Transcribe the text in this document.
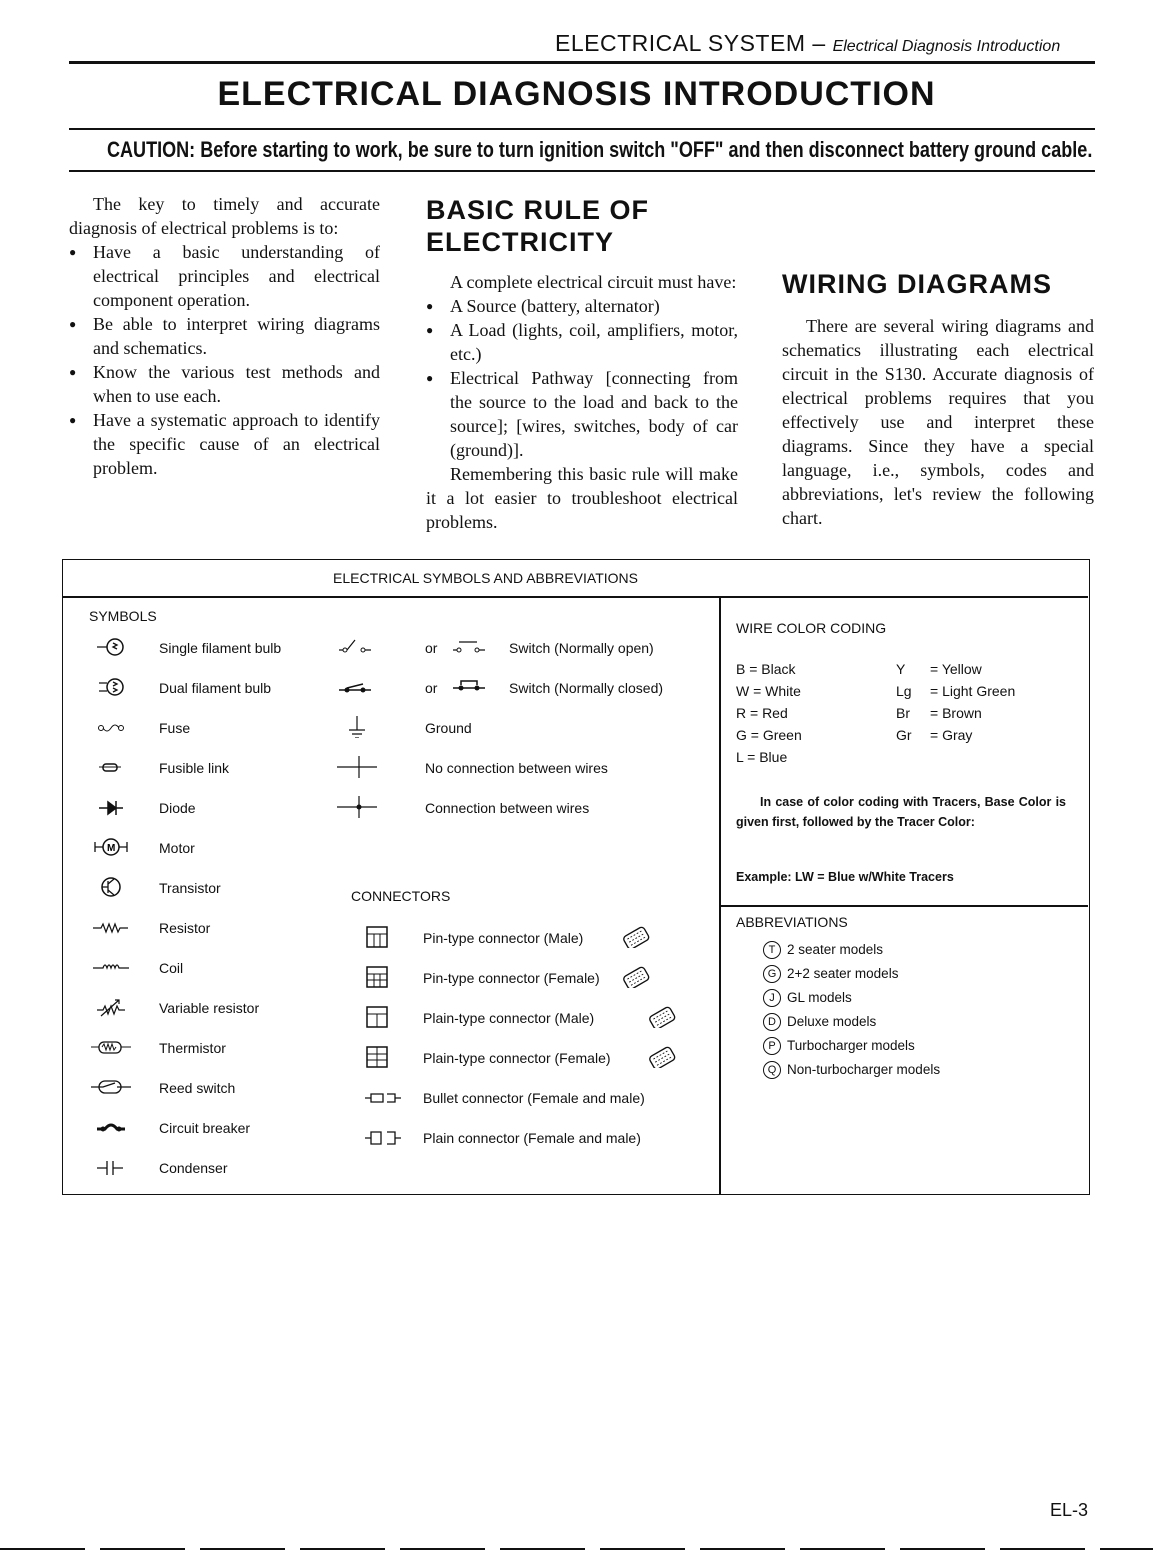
ELECTRICAL SYSTEM – Electrical Diagnosis Introduction
ELECTRICAL DIAGNOSIS INTRODUCTION
CAUTION: Before starting to work, be sure to turn ignition switch "OFF" and then disconnect battery ground cable.

The key to timely and accurate diagnosis of electrical problems is to:

● Have a basic understanding of electrical principles and electrical component operation.
● Be able to interpret wiring diagrams and schematics.
● Know the various test methods and when to use each.
● Have a systematic approach to identify the specific cause of an electrical problem.
BASIC RULE OF ELECTRICITY

A complete electrical circuit must have:

● A Source (battery, alternator)
● A Load (lights, coil, amplifiers, motor, etc.)
● Electrical Pathway [connecting from the source to the load and back to the source]; [wires, switches, body of car (ground)].

Remembering this basic rule will make it a lot easier to troubleshoot electrical problems.

WIRING DIAGRAMS

There are several wiring diagrams and schematics illustrating each electrical circuit in the S130. Accurate diagnosis of electrical problems requires that you effectively use and interpret these diagrams. Since they have a special language, i.e., symbols, codes and abbreviations, let's review the following chart.

ELECTRICAL SYMBOLS AND ABBREVIATIONS
SYMBOLS
Single filament bulb
Dual filament bulb
Fuse
Fusible link
Diode
M	Motor
Transistor
Resistor
Coil
Variable resistor
Thermistor
Reed switch
Circuit breaker
Condenser
or	Switch (Normally open)
or	Switch (Normally closed)
Ground
No connection between wires
Connection between wires
CONNECTORS
Pin-type connector (Male)
Pin-type connector (Female)
Plain-type connector (Male)
Plain-type connector (Female)
Bullet connector (Female and male)
Plain connector (Female and male)
WIRE COLOR CODING
B = Black
W = White
R = Red
G = Green
L = Blue
Y = Yellow
Lg = Light Green
Br = Brown
Gr = Gray
In case of color coding with Tracers, Base Color is given first, followed by the Tracer Color:
Example: LW = Blue w/White Tracers
ABBREVIATIONS
T 2 seater models
G 2+2 seater models
J GL models
D Deluxe models
P Turbocharger models
Q Non-turbocharger models
EL-3
